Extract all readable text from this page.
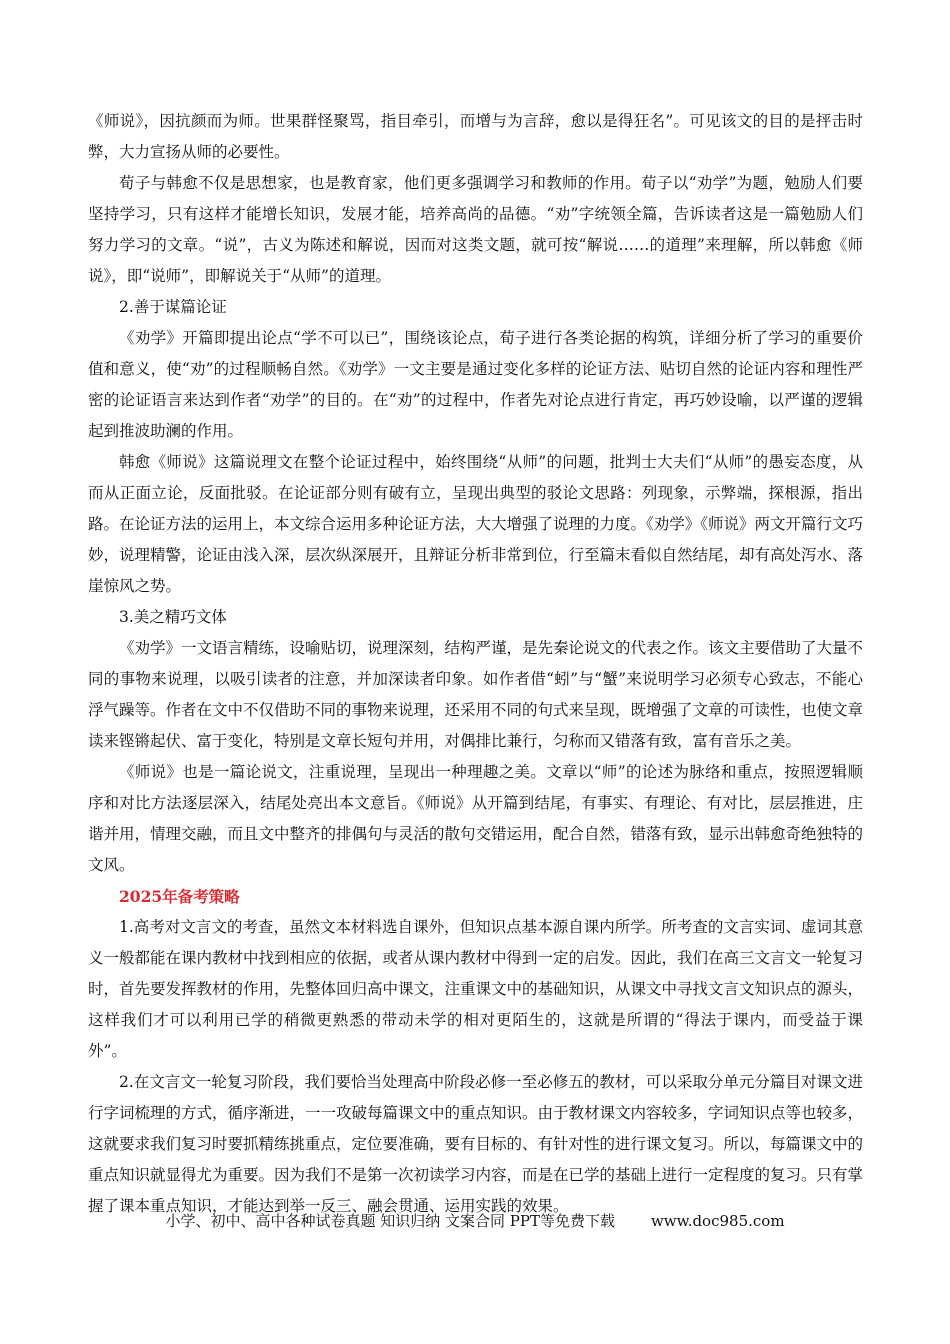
《师说》，因抗颜而为师。世果群怪聚骂，指目牵引，而增与为言辞，愈以是得狂名”。可见该文的目的是抨击时弊，大力宣扬从师的必要性。

荀子与韩愈不仅是思想家，也是教育家，他们更多强调学习和教师的作用。荀子以“劝学”为题，勉励人们要坚持学习，只有这样才能增长知识，发展才能，培养高尚的品德。“劝”字统领全篇，告诉读者这是一篇勉励人们努力学习的文章。“说”，古义为陈述和解说，因而对这类文题，就可按“解说……的道理”来理解，所以韩愈《师说》，即“说师”，即解说关于“从师”的道理。

2.善于谋篇论证

《劝学》开篇即提出论点“学不可以已”，围绕该论点，荀子进行各类论据的构筑，详细分析了学习的重要价值和意义，使“劝”的过程顺畅自然。《劝学》一文主要是通过变化多样的论证方法、贴切自然的论证内容和理性严密的论证语言来达到作者“劝学”的目的。在“劝”的过程中，作者先对论点进行肯定，再巧妙设喻，以严谨的逻辑起到推波助澜的作用。

韩愈《师说》这篇说理文在整个论证过程中，始终围绕“从师”的问题，批判士大夫们“从师”的愚妄态度，从而从正面立论，反面批驳。在论证部分则有破有立，呈现出典型的驳论文思路：列现象，示弊端，探根源，指出路。在论证方法的运用上，本文综合运用多种论证方法，大大增强了说理的力度。《劝学》《师说》两文开篇行文巧妙，说理精警，论证由浅入深，层次纵深展开，且辩证分析非常到位，行至篇末看似自然结尾，却有高处泻水、落崖惊风之势。

3.美之精巧文体

《劝学》一文语言精练，设喻贴切，说理深刻，结构严谨，是先秦论说文的代表之作。该文主要借助了大量不同的事物来说理，以吸引读者的注意，并加深读者印象。如作者借“蚓”与“蟹”来说明学习必须专心致志，不能心浮气躁等。作者在文中不仅借助不同的事物来说理，还采用不同的句式来呈现，既增强了文章的可读性，也使文章读来铿锵起伏、富于变化，特别是文章长短句并用，对偶排比兼行，匀称而又错落有致，富有音乐之美。

《师说》也是一篇论说文，注重说理，呈现出一种理趣之美。文章以“师”的论述为脉络和重点，按照逻辑顺序和对比方法逐层深入，结尾处亮出本文意旨。《师说》从开篇到结尾，有事实、有理论、有对比，层层推进，庄谐并用，情理交融，而且文中整齐的排偶句与灵活的散句交错运用，配合自然，错落有致，显示出韩愈奇绝独特的文风。

2025年备考策略

1.高考对文言文的考查，虽然文本材料选自课外，但知识点基本源自课内所学。所考查的文言实词、虚词其意义一般都能在课内教材中找到相应的依据，或者从课内教材中得到一定的启发。因此，我们在高三文言文一轮复习时，首先要发挥教材的作用，先整体回归高中课文，注重课文中的基础知识，从课文中寻找文言文知识点的源头，这样我们才可以利用已学的稍微更熟悉的带动未学的相对更陌生的，这就是所谓的“得法于课内，而受益于课外”。

2.在文言文一轮复习阶段，我们要恰当处理高中阶段必修一至必修五的教材，可以采取分单元分篇目对课文进行字词梳理的方式，循序渐进，一一攻破每篇课文中的重点知识。由于教材课文内容较多，字词知识点等也较多，这就要求我们复习时要抓精练挑重点，定位要准确，要有目标的、有针对性的进行课文复习。所以，每篇课文中的重点知识就显得尤为重要。因为我们不是第一次初读学习内容，而是在已学的基础上进行一定程度的复习。只有掌握了课本重点知识，才能达到举一反三、融会贯通、运用实践的效果。

小学、初中、高中各种试卷真题 知识归纳 文案合同 PPT等免费下载 www.doc985.com
